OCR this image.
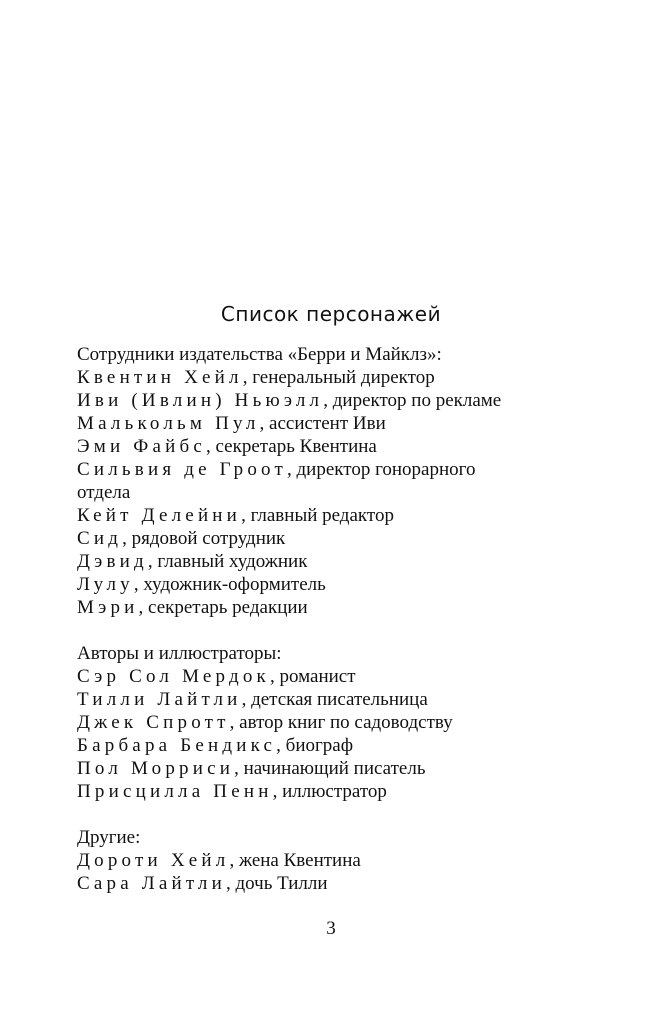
Список персонажей
Сотрудники издательства «Берри и Майклз»:
Квентин Хейл, генеральный директор
Иви (Ивлин) Ньюэлл, директор по рекламе
Малькольм Пул, ассистент Иви
Эми Файбс, секретарь Квентина
Сильвия де Гроот, директор гонорарного
отдела
Кейт Делейни, главный редактор
Сид, рядовой сотрудник
Дэвид, главный художник
Лулу, художник-оформитель
Мэри, секретарь редакции
Авторы и иллюстраторы:
Сэр Сол Мердок, романист
Тилли Лайтли, детская писательница
Джек Спротт, автор книг по садоводству
Барбара Бендикс, биограф
Пол Морриси, начинающий писатель
Присцилла Пенн, иллюстратор
Другие:
Дороти Хейл, жена Квентина
Сара Лайтли, дочь Тилли
3
